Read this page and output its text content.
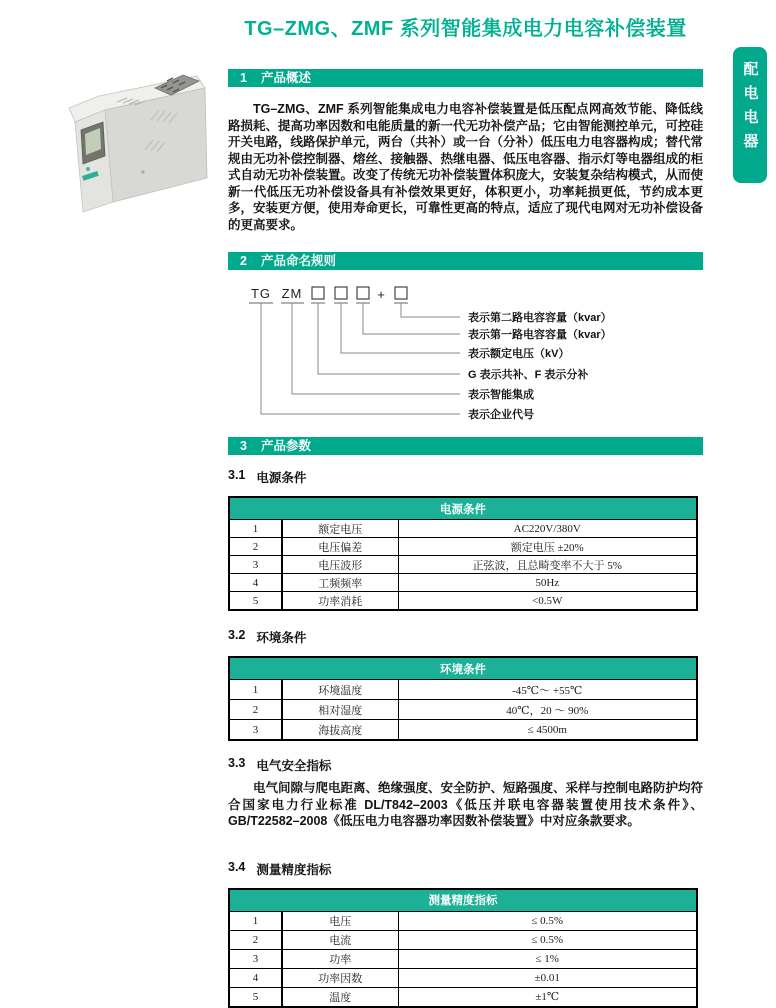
配电电器
TG–ZMG、ZMF 系列智能集成电力电容补偿装置
1 产品概述

TG–ZMG、ZMF 系列智能集成电力电容补偿装置是低压配点网高效节能、降低线路损耗、提高功率因数和电能质量的新一代无功补偿产品；它由智能测控单元，可控硅开关电路，线路保护单元，两台（共补）或一台（分补）低压电力电容器构成；替代常规由无功补偿控制器、熔丝、接触器、热继电器、低压电容器、指示灯等电器组成的柜式自动无功补偿装置。改变了传统无功补偿装置体积庞大，安装复杂结构模式，从而使新一代低压无功补偿设备具有补偿效果更好，体积更小，功率耗损更低，节约成本更多，安装更方便，使用寿命更长，可靠性更高的特点，适应了现代电网对无功补偿设备的更高要求。

2 产品命名规则
TG ZM	+
表示第二路电容容量（kvar）
表示第一路电容容量（kvar）
表示额定电压（kV）
G 表示共补、F 表示分补
表示智能集成
表示企业代号
3 产品参数
3.1 电源条件
电源条件		
1	额定电压	AC220V/380V
2	电压偏差	额定电压 ±20%
3	电压波形	正弦波，且总畸变率不大于 5%
4	工频频率	50Hz
5	功率消耗	<0.5W
3.2 环境条件
环境条件		
1	环境温度	-45℃～ +55℃
2	相对湿度	40℃，20 ～ 90%
3	海拔高度	≤ 4500m
3.3 电气安全指标

电气间隙与爬电距离、绝缘强度、安全防护、短路强度、采样与控制电路防护均符合国家电力行业标准 DL/T842–2003《低压并联电容器装置使用技术条件》、GB/T22582–2008《低压电力电容器功率因数补偿装置》中对应条款要求。

3.4 测量精度指标
测量精度指标		
1	电压	≤ 0.5%
2	电流	≤ 0.5%
3	功率	≤ 1%
4	功率因数	±0.01
5	温度	±1℃
